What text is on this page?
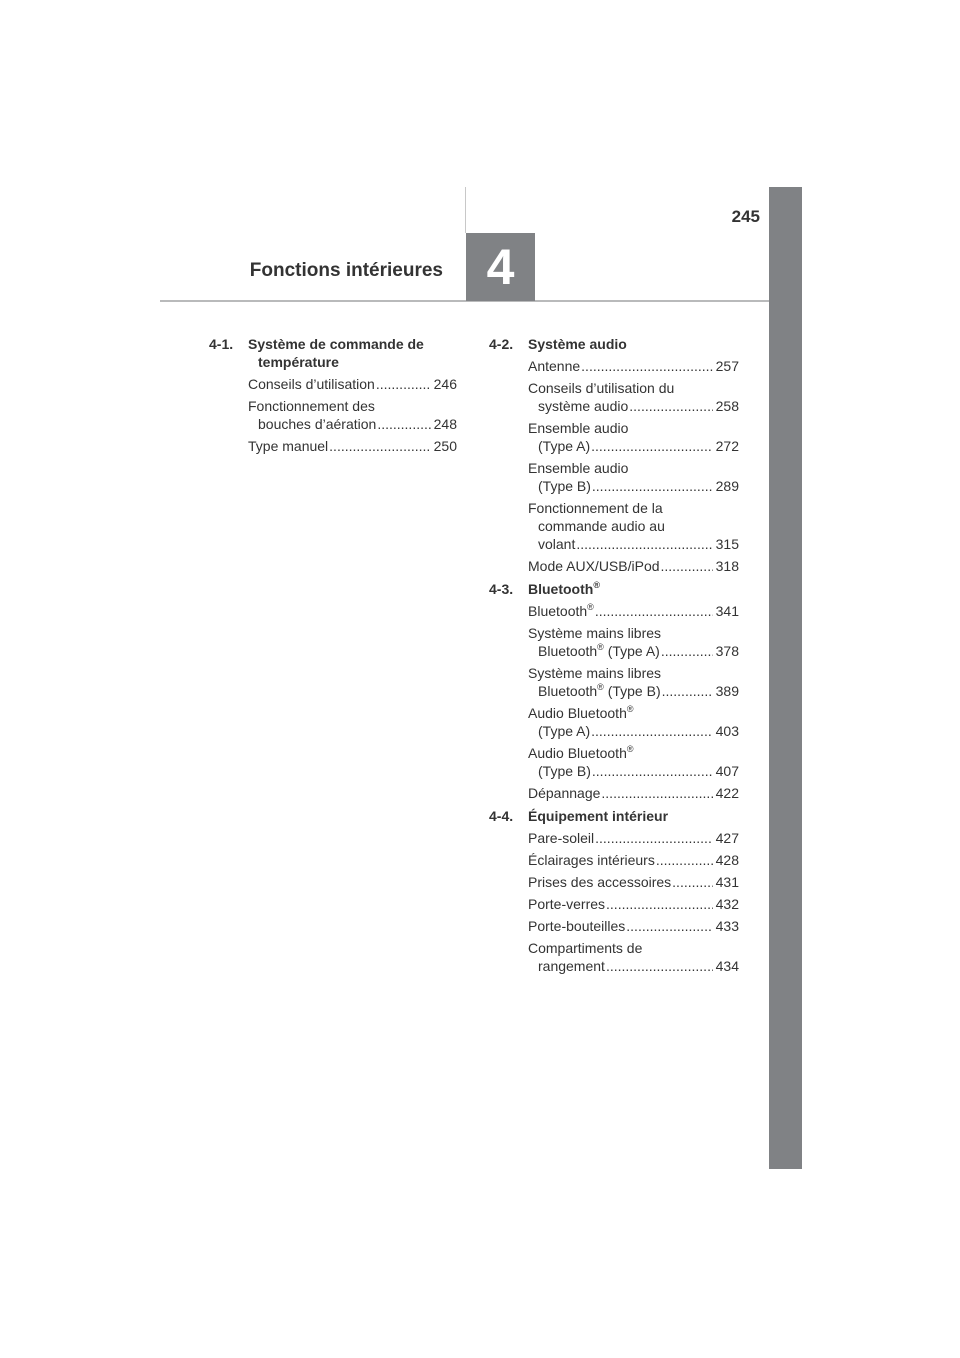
245
Fonctions intérieures 4
4-1.	Système de commande de
température
Conseils d’utilisation .....	246
Fonctionnement des
bouches d’aération .....	248
Type manuel .....	250
4-2.	Système audio
Antenne .....	257
Conseils d’utilisation du
système audio .....	258
Ensemble audio
(Type A) .....	272
Ensemble audio
(Type B) .....	289
Fonctionnement de la
commande audio au
volant .....	315
Mode AUX/USB/iPod .....	318
4-3.	Bluetooth®
Bluetooth® .....	341
Système mains libres
Bluetooth® (Type A) .....	378
Système mains libres
Bluetooth® (Type B) .....	389
Audio Bluetooth®
(Type A) .....	403
Audio Bluetooth®
(Type B) .....	407
Dépannage .....	422
4-4.	Équipement intérieur
Pare-soleil .....	427
Éclairages intérieurs .....	428
Prises des accessoires .....	431
Porte-verres .....	432
Porte-bouteilles .....	433
Compartiments de
rangement .....	434
